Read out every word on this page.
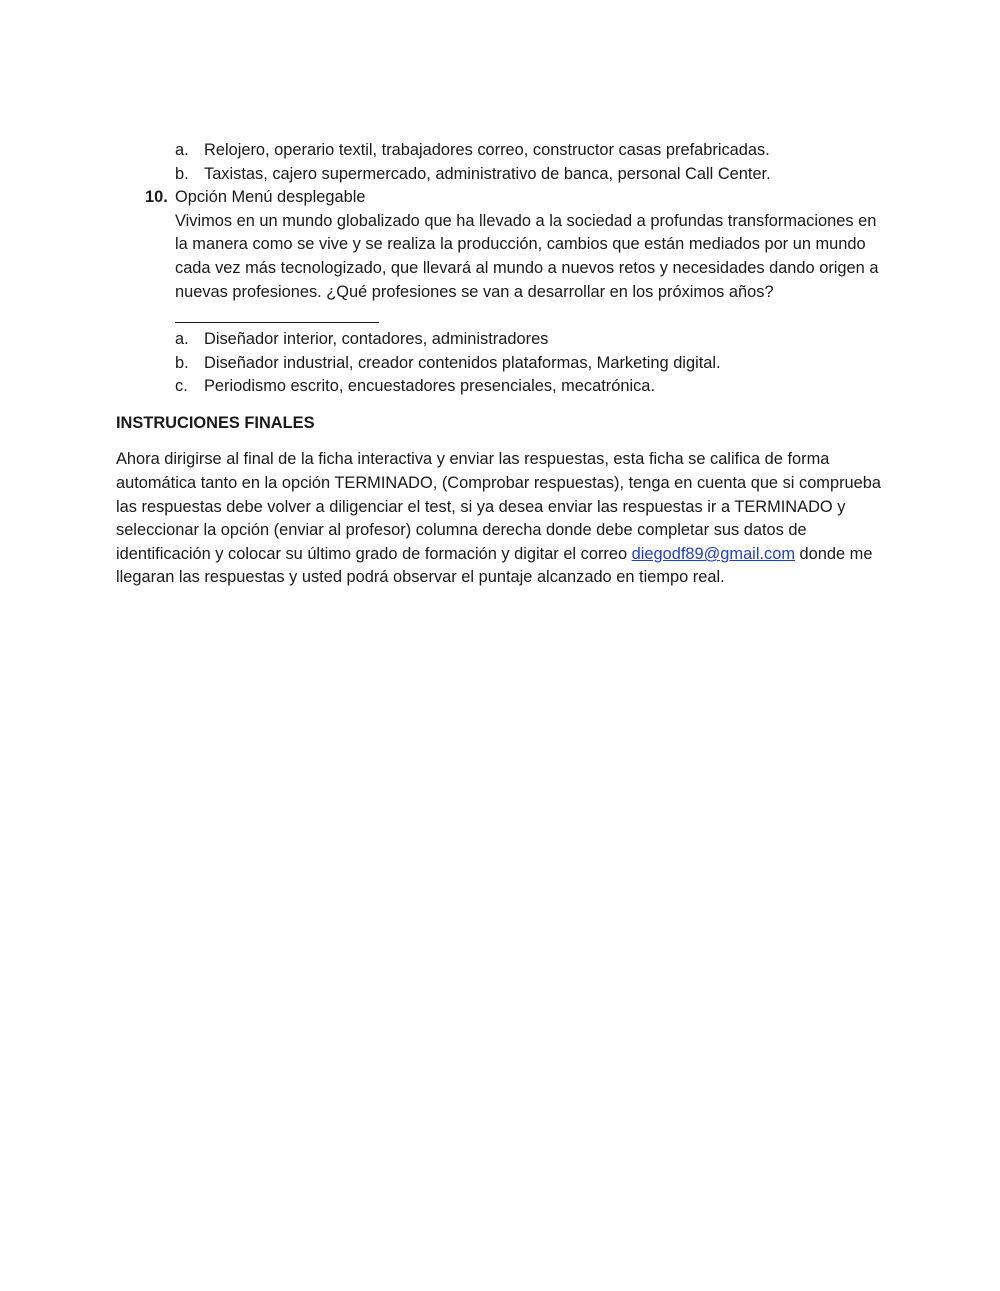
a. Relojero, operario textil, trabajadores correo, constructor casas prefabricadas.
b. Taxistas, cajero supermercado, administrativo de banca, personal Call Center.
10. Opción Menú desplegable
Vivimos en un mundo globalizado que ha llevado a la sociedad a profundas transformaciones en
la manera como se vive y se realiza la producción, cambios que están mediados por un mundo
cada vez más tecnologizado, que llevará al mundo a nuevos retos y necesidades dando origen a
nuevas profesiones. ¿Qué profesiones se van a desarrollar en los próximos años?
a. Diseñador interior, contadores, administradores
b. Diseñador industrial, creador contenidos plataformas, Marketing digital.
c. Periodismo escrito, encuestadores presenciales, mecatrónica.
INSTRUCIONES FINALES
Ahora dirigirse al final de la ficha interactiva y enviar las respuestas, esta ficha se califica de forma
automática tanto en la opción TERMINADO, (Comprobar respuestas), tenga en cuenta que si comprueba
las respuestas debe volver a diligenciar el test, si ya desea enviar las respuestas ir a TERMINADO y
seleccionar la opción (enviar al profesor) columna derecha donde debe completar sus datos de
identificación y colocar su último grado de formación y digitar el correo diegodf89@gmail.com donde me
llegaran las respuestas y usted podrá observar el puntaje alcanzado en tiempo real.
